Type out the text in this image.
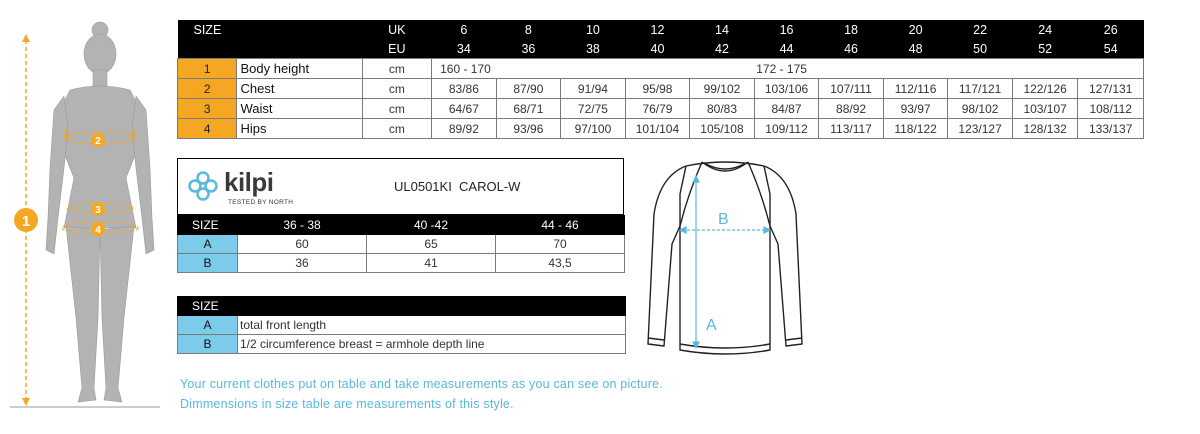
1
2
3
4
SIZE		UK	6	8	10	12	14	16	18	20	22	24	26
		EU	34	36	38	40	42	44	46	48	50	52	54
1	Body height	cm	160 - 170					172 - 175					
2	Chest	cm	83/86	87/90	91/94	95/98	99/102	103/106	107/111	112/116	117/121	122/126	127/131
3	Waist	cm	64/67	68/71	72/75	76/79	80/83	84/87	88/92	93/97	98/102	103/107	108/112
4	Hips	cm	89/92	93/96	97/100	101/104	105/108	109/112	113/117	118/122	123/127	128/132	133/137
kilpi
TESTED BY NORTH
UL0501KI  CAROL-W
SIZE	36 - 38	40 -42	44 - 46
A	60	65	70
B	36	41	43,5
SIZE	
A	total front length
B	1/2 circumference breast = armhole depth line
A
B
Your current clothes put on table and take measurements as you can see on picture.
Dimmensions in size table are measurements of this style.
